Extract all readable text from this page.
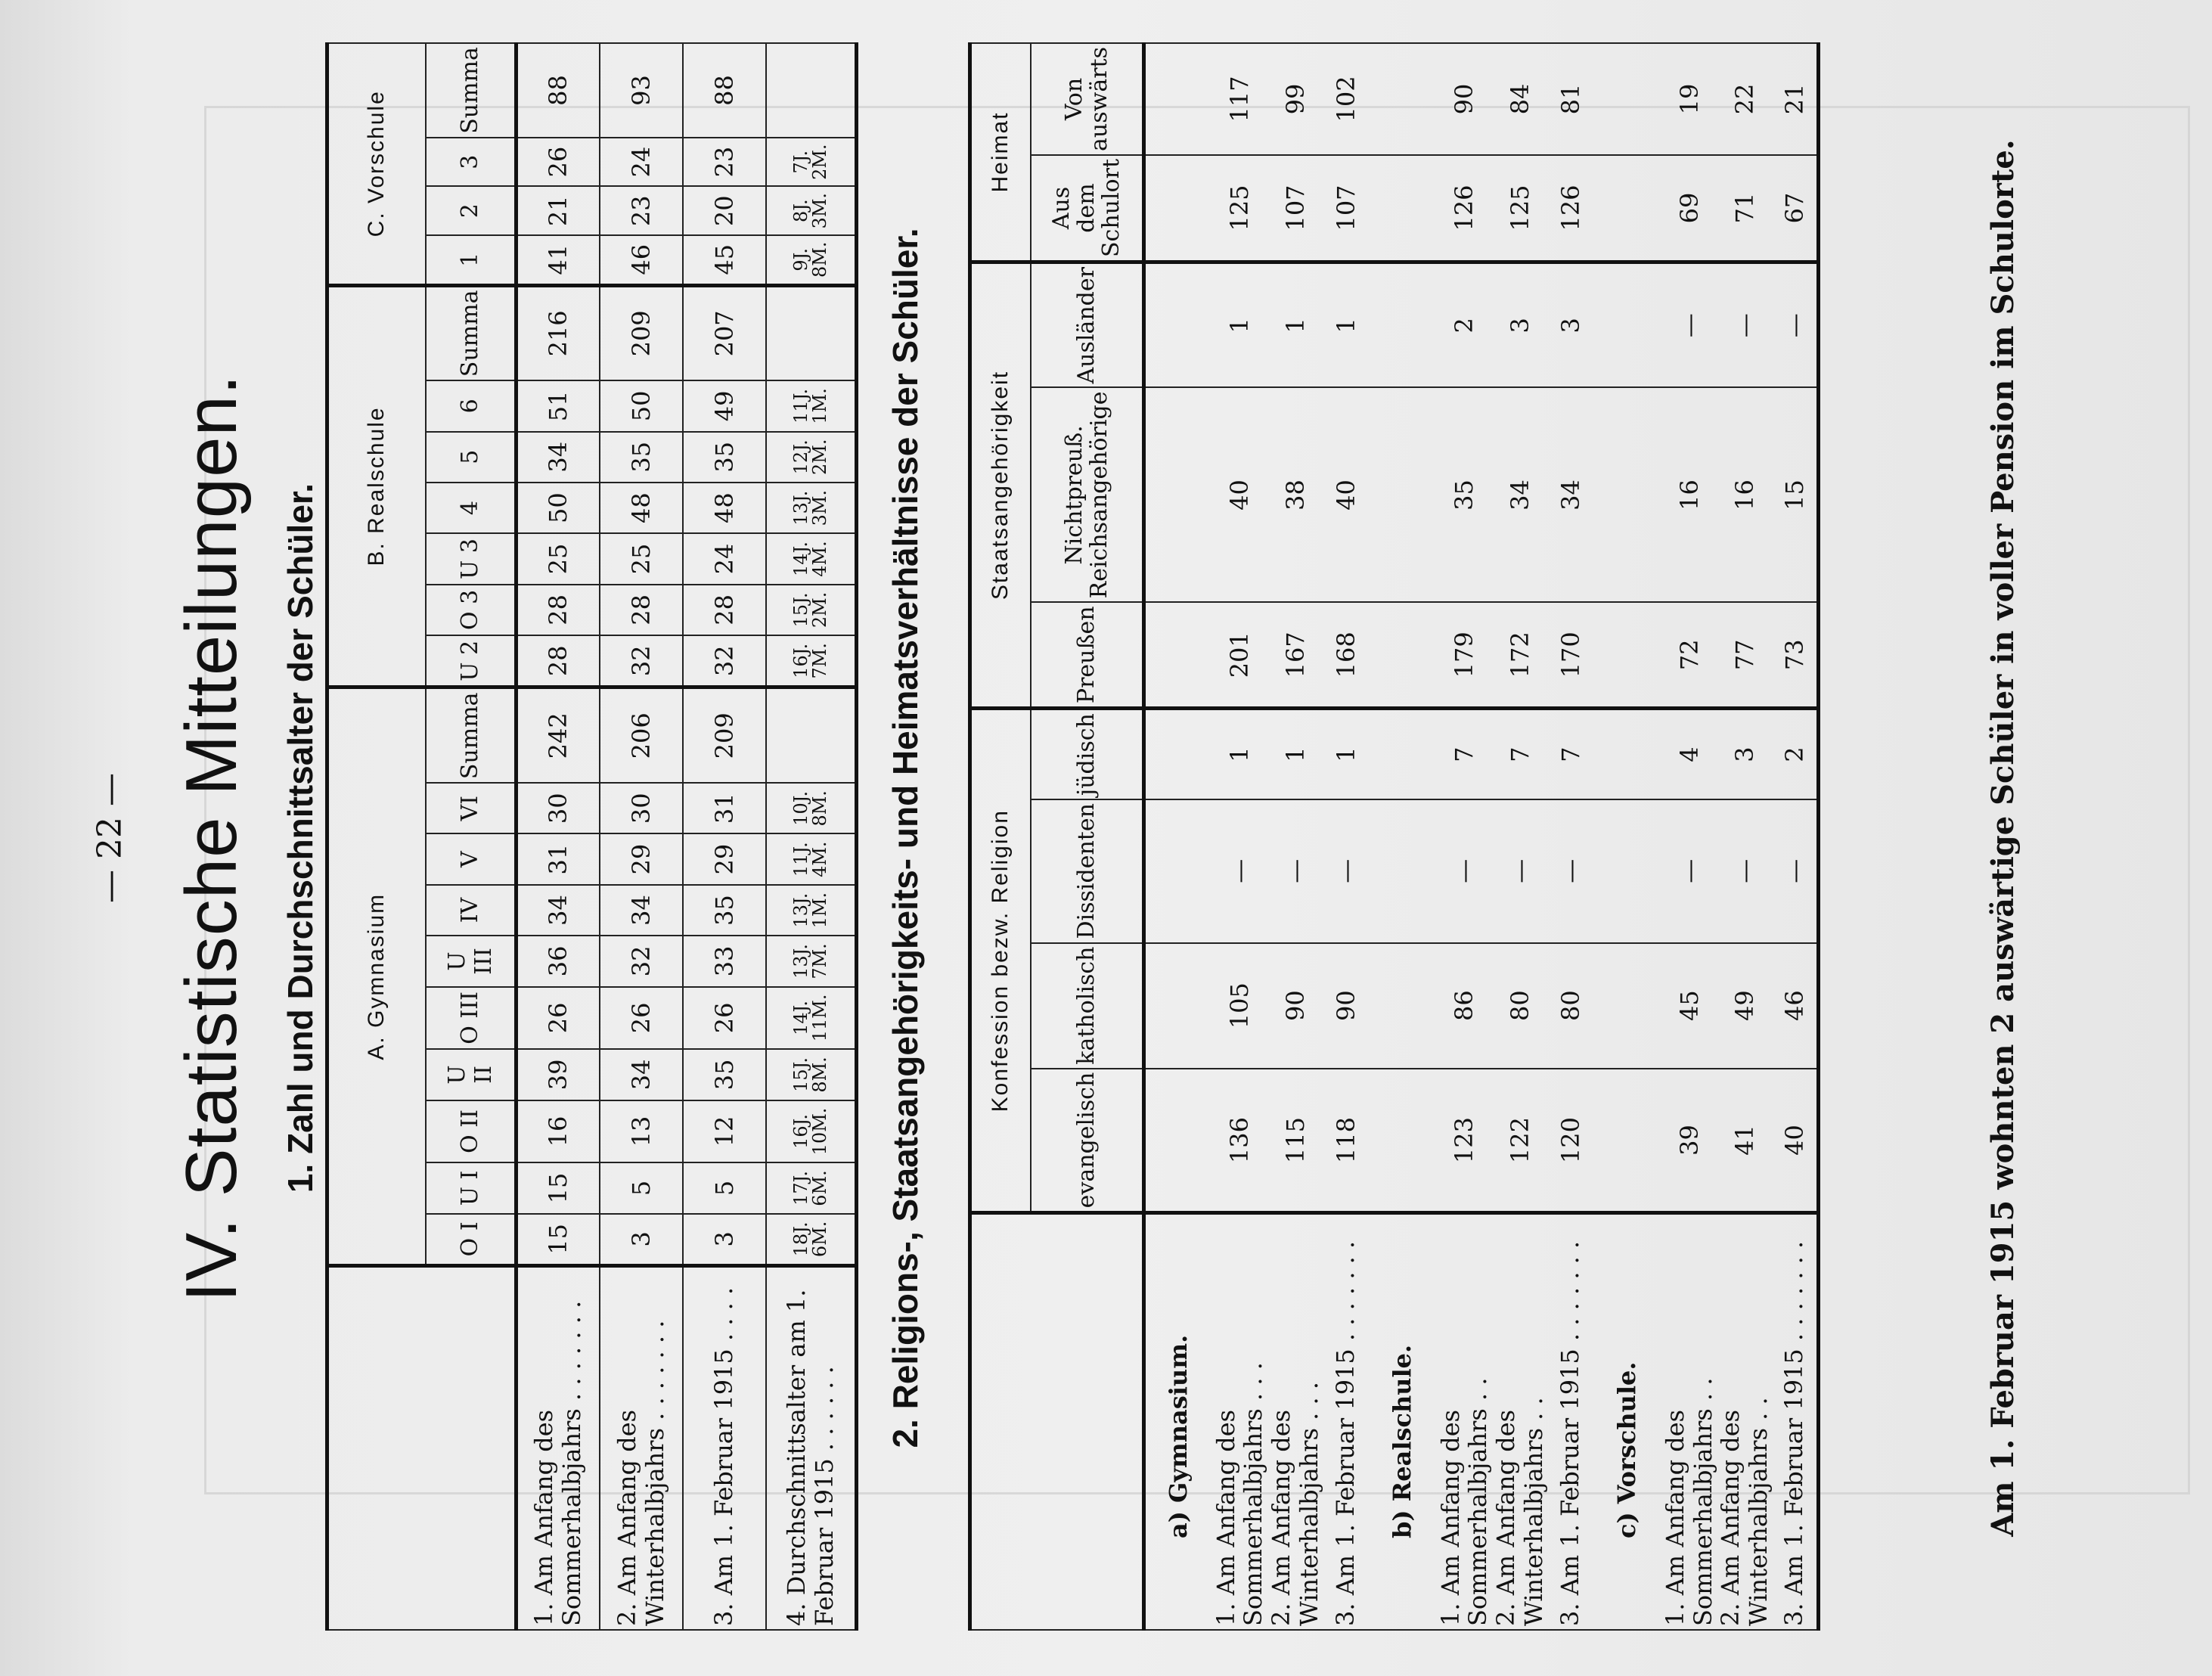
— 22 — IV. Statistische Mitteilungen. 1. Zahl und Durchschnittsalter der Schüler.
	A. Gymnasium										B. Realschule							C. Vorschule			
	O I	U I	O II	U II	O III	U III	IV	V	VI	Summa	U 2	O 3	U 3	4	5	6	Summa	1	2	3	Summa
1. Am Anfang des Sommerhalbjahrs . . . . . . .	15	15	16	39	26	36	34	31	30	242	28	28	25	50	34	51	216	41	21	26	88
2. Am Anfang des Winterhalbjahrs . . . . . . .	3	5	13	34	26	32	34	29	30	206	32	28	25	48	35	50	209	46	23	24	93
3. Am 1. Februar 1915 . . . .	3	5	12	35	26	33	35	29	31	209	32	28	24	48	35	49	207	45	20	23	88
4. Durchschnittsalter am 1. Februar 1915 . . . . . .	18J. 6M.	17J. 6M.	16J. 10M.	15J. 8M.	14J. 11M.	13J. 7M.	13J. 1M.	11J. 4M.	10J. 8M.		16J. 7M.	15J. 2M.	14J. 4M.	13J. 3M.	12J. 2M.	11J. 1M.		9J. 8M.	8J. 3M.	7J. 2M.	
2. Religions-, Staatsangehörigkeits- und Heimatsverhältnisse der Schüler.
		Konfession bezw. Religion				Staatsangehörigkeit			Heimat	
	evangelisch	katholisch	Dissidenten	jüdisch	Preußen	Nichtpreuß. Reichsangehörige	Ausländer	Aus dem Schulort	Von auswärts
a) Gymnasium.									
1. Am Anfang des Sommerhalbjahrs . . .	136	105	—	1	201	40	1	125	117
2. Am Anfang des Winterhalbjahrs . . .	115	90	—	1	167	38	1	107	99
3. Am 1. Februar 1915 . . . . . . .	118	90	—	1	168	40	1	107	102
b) Realschule.									
1. Am Anfang des Sommerhalbjahrs . .	123	86	—	7	179	35	2	126	90
2. Am Anfang des Winterhalbjahrs . .	122	80	—	7	172	34	3	125	84
3. Am 1. Februar 1915 . . . . . . .	120	80	—	7	170	34	3	126	81
c) Vorschule.									
1. Am Anfang des Sommerhalbjahrs . .	39	45	—	4	72	16	—	69	19
2. Am Anfang des Winterhalbjahrs . .	41	49	—	3	77	16	—	71	22
3. Am 1. Februar 1915 . . . . . . .	40	46	—	2	73	15	—	67	21
Am 1. Februar 1915 wohnten 2 auswärtige Schüler in voller Pension im Schulorte.
